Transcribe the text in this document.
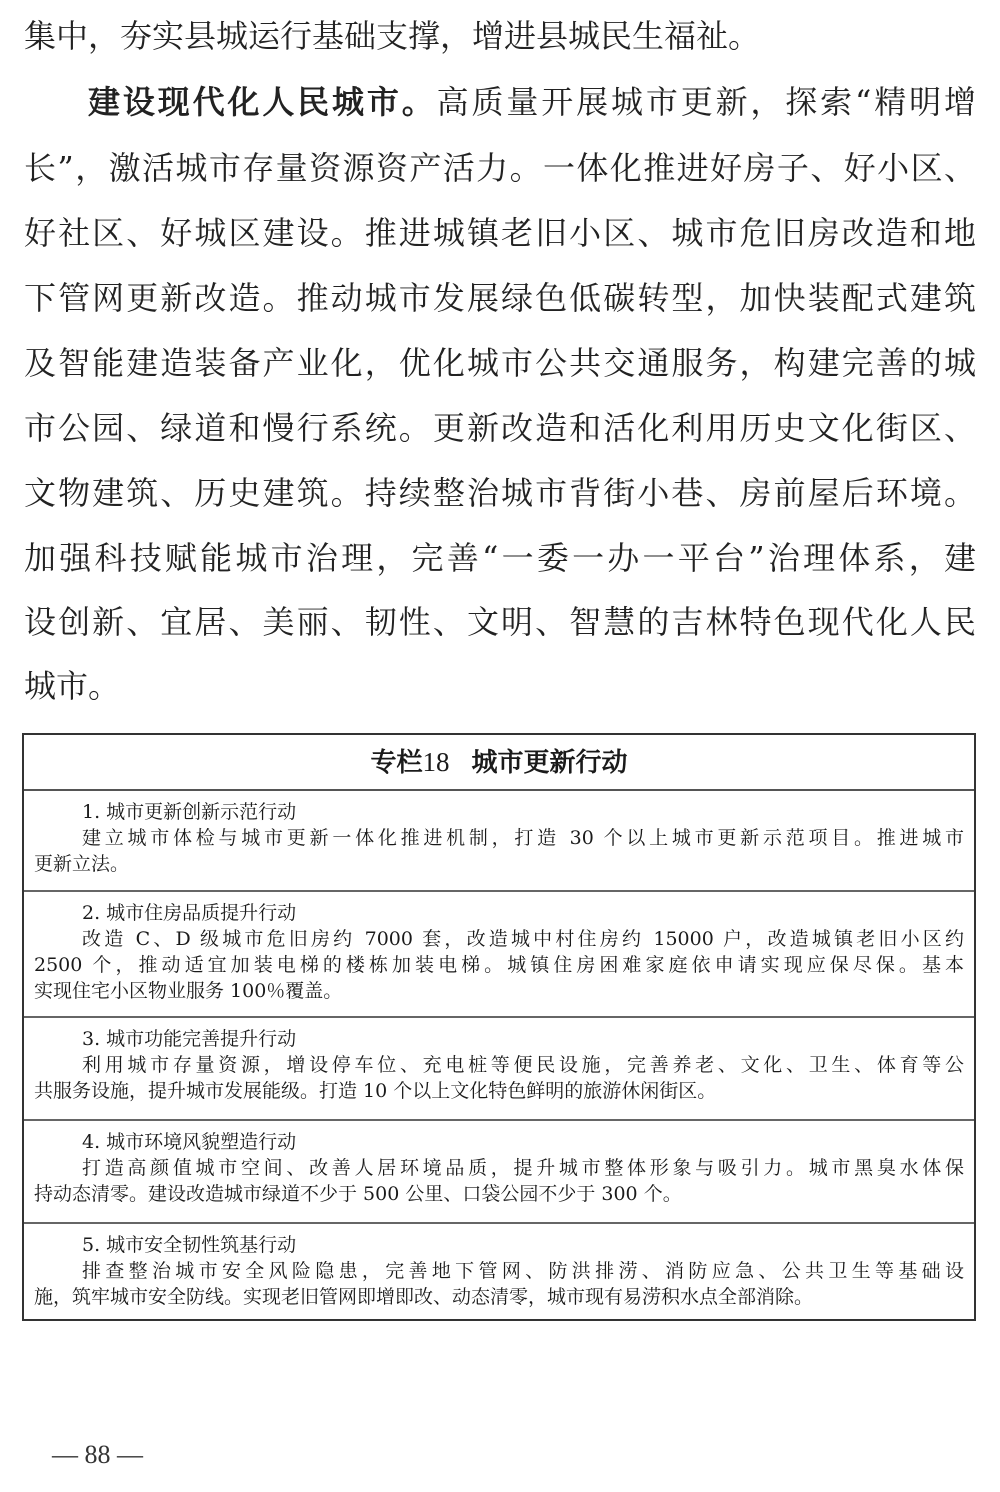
集中，夯实县城运行基础支撑，增进县城民生福祉。
建设现代化人民城市。高质量开展城市更新，探索“精明增
长”，激活城市存量资源资产活力。一体化推进好房子、好小区、
好社区、好城区建设。推进城镇老旧小区、城市危旧房改造和地
下管网更新改造。推动城市发展绿色低碳转型，加快装配式建筑
及智能建造装备产业化，优化城市公共交通服务，构建完善的城
市公园、绿道和慢行系统。更新改造和活化利用历史文化街区、
文物建筑、历史建筑。持续整治城市背街小巷、房前屋后环境。
加强科技赋能城市治理，完善“一委一办一平台”治理体系，建
设创新、宜居、美丽、韧性、文明、智慧的吉林特色现代化人民
城市。
专栏18 城市更新行动
1. 城市更新创新示范行动
建立城市体检与城市更新一体化推进机制，打造 30 个以上城市更新示范项目。推进城市
更新立法。
2. 城市住房品质提升行动
改造 C、D 级城市危旧房约 7000 套，改造城中村住房约 15000 户，改造城镇老旧小区约
2500 个，推动适宜加装电梯的楼栋加装电梯。城镇住房困难家庭依申请实现应保尽保。基本
实现住宅小区物业服务 100％覆盖。
3. 城市功能完善提升行动
利用城市存量资源，增设停车位、充电桩等便民设施，完善养老、文化、卫生、体育等公
共服务设施，提升城市发展能级。打造 10 个以上文化特色鲜明的旅游休闲街区。
4. 城市环境风貌塑造行动
打造高颜值城市空间、改善人居环境品质，提升城市整体形象与吸引力。城市黑臭水体保
持动态清零。建设改造城市绿道不少于 500 公里、口袋公园不少于 300 个。
5. 城市安全韧性筑基行动
排查整治城市安全风险隐患，完善地下管网、防洪排涝、消防应急、公共卫生等基础设
施，筑牢城市安全防线。实现老旧管网即增即改、动态清零，城市现有易涝积水点全部消除。
— 88 —
